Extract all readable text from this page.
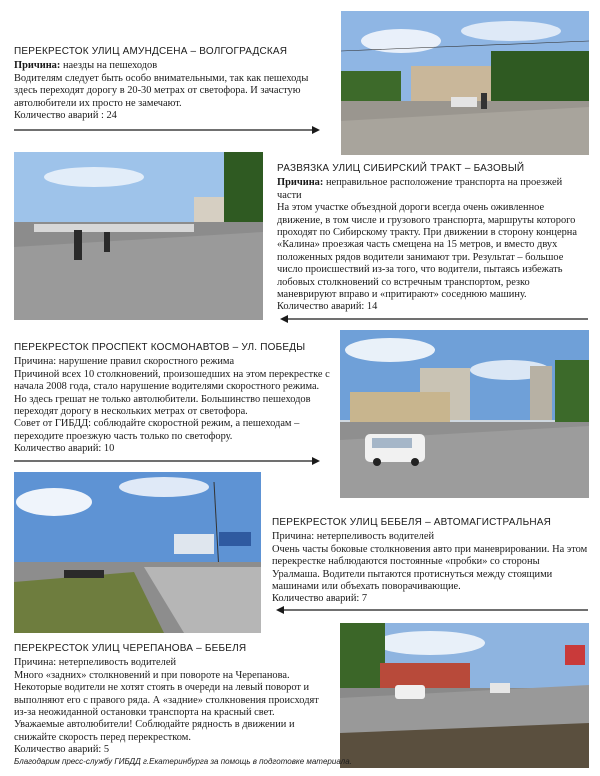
ПЕРЕКРЕСТОК УЛИЦ АМУНДСЕНА – ВОЛГОГРАДСКАЯ
Причина: наезды на пешеходов
Водителям следует быть особо внимательными, так как пешеходы здесь переходят дорогу в 20-30 метрах от светофора. И зачастую автолюбители их просто не замечают.
Количество аварий : 24
РАЗВЯЗКА УЛИЦ СИБИРСКИЙ ТРАКТ – БАЗОВЫЙ
Причина: неправильное расположение транспорта на проезжей части
На этом участке объездной дороги всегда очень оживленное движение, в том числе и грузового транспорта, маршруты которого проходят по Сибирскому тракту. При движении в сторону концерна «Калина» проезжая часть смещена на 15 метров, и вместо двух положенных рядов водители занимают три. Результат – большое число происшествий из-за того, что водители, пытаясь избежать лобовых столкновений со встречным транспортом, резко маневрируют вправо и «притирают» соседнюю машину.
Количество аварий: 14
ПЕРЕКРЕСТОК ПРОСПЕКТ КОСМОНАВТОВ – УЛ. ПОБЕДЫ
Причина: нарушение правил скоростного режима
Причиной всех 10 столкновений, произошедших на этом перекрестке с начала 2008 года, стало нарушение водителями скоростного режима. Но здесь грешат не только автолюбители. Большинство пешеходов переходят дорогу в нескольких метрах от светофора.
Совет от ГИБДД: соблюдайте скоростной режим, а пешеходам – переходите проезжую часть только по светофору.
Количество аварий: 10
ПЕРЕКРЕСТОК УЛИЦ БЕБЕЛЯ – АВТОМАГИСТРАЛЬНАЯ
Причина: нетерпеливость водителей
Очень часты боковые столкновения авто при маневрировании. На этом перекрестке наблюдаются постоянные «пробки» со стороны Уралмаша. Водители пытаются протиснуться между стоящими машинами или объехать поворачивающие.
Количество аварий: 7
ПЕРЕКРЕСТОК УЛИЦ ЧЕРЕПАНОВА – БЕБЕЛЯ
Причина: нетерпеливость водителей
Много «задних» столкновений и при повороте на Черепанова. Некоторые водители не хотят стоять в очереди на левый поворот и выполняют его с правого ряда. А «задние» столкновения происходят из-за неожиданной остановки транспорта на красный свет.
Уважаемые автолюбители! Соблюдайте рядность в движении и снижайте скорость перед перекрестком.
Количество аварий: 5
Благодарим пресс-службу ГИБДД г.Екатеринбурга за помощь в подготовке материала.
